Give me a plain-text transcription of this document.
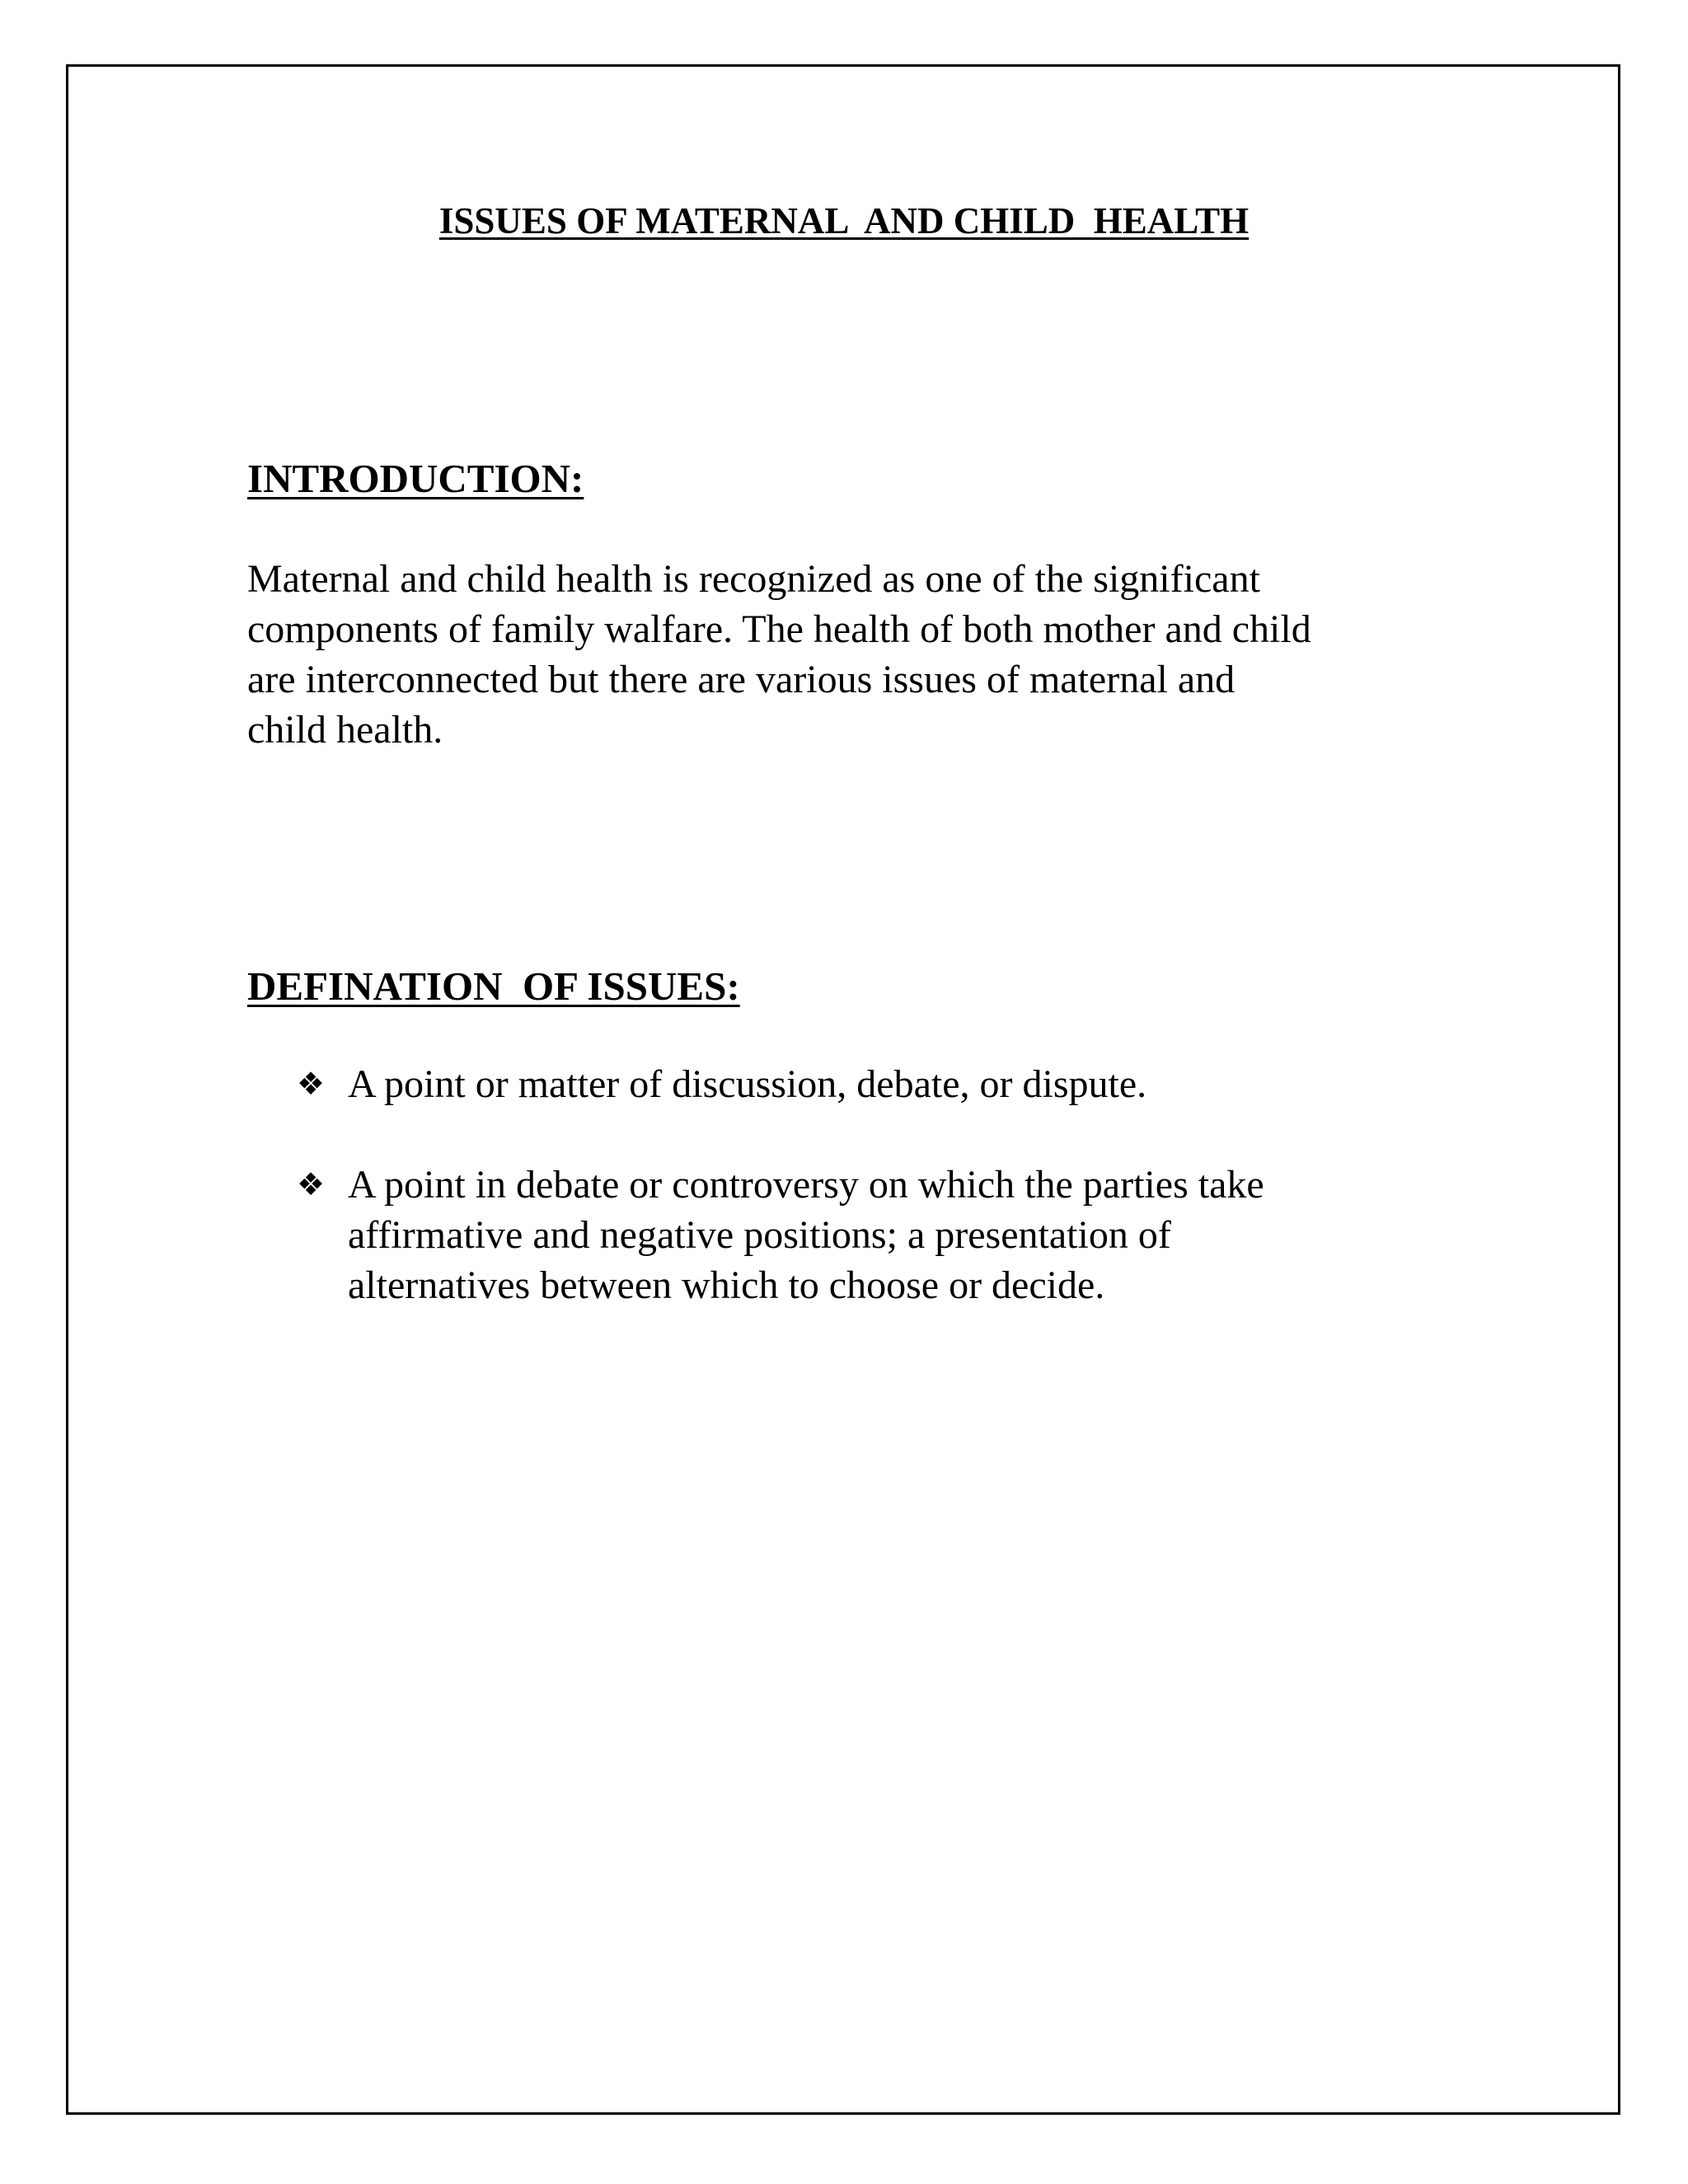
ISSUES OF MATERNAL  AND CHILD  HEALTH
INTRODUCTION:

Maternal and child health is recognized as one of the significant
components of family walfare. The health of both mother and child
are interconnected but there are various issues of maternal and
child health.

DEFINATION  OF ISSUES:
❖ A point or matter of discussion, debate, or dispute.
❖ A point in debate or controversy on which the parties take
affirmative and negative positions; a presentation of
alternatives between which to choose or decide.
